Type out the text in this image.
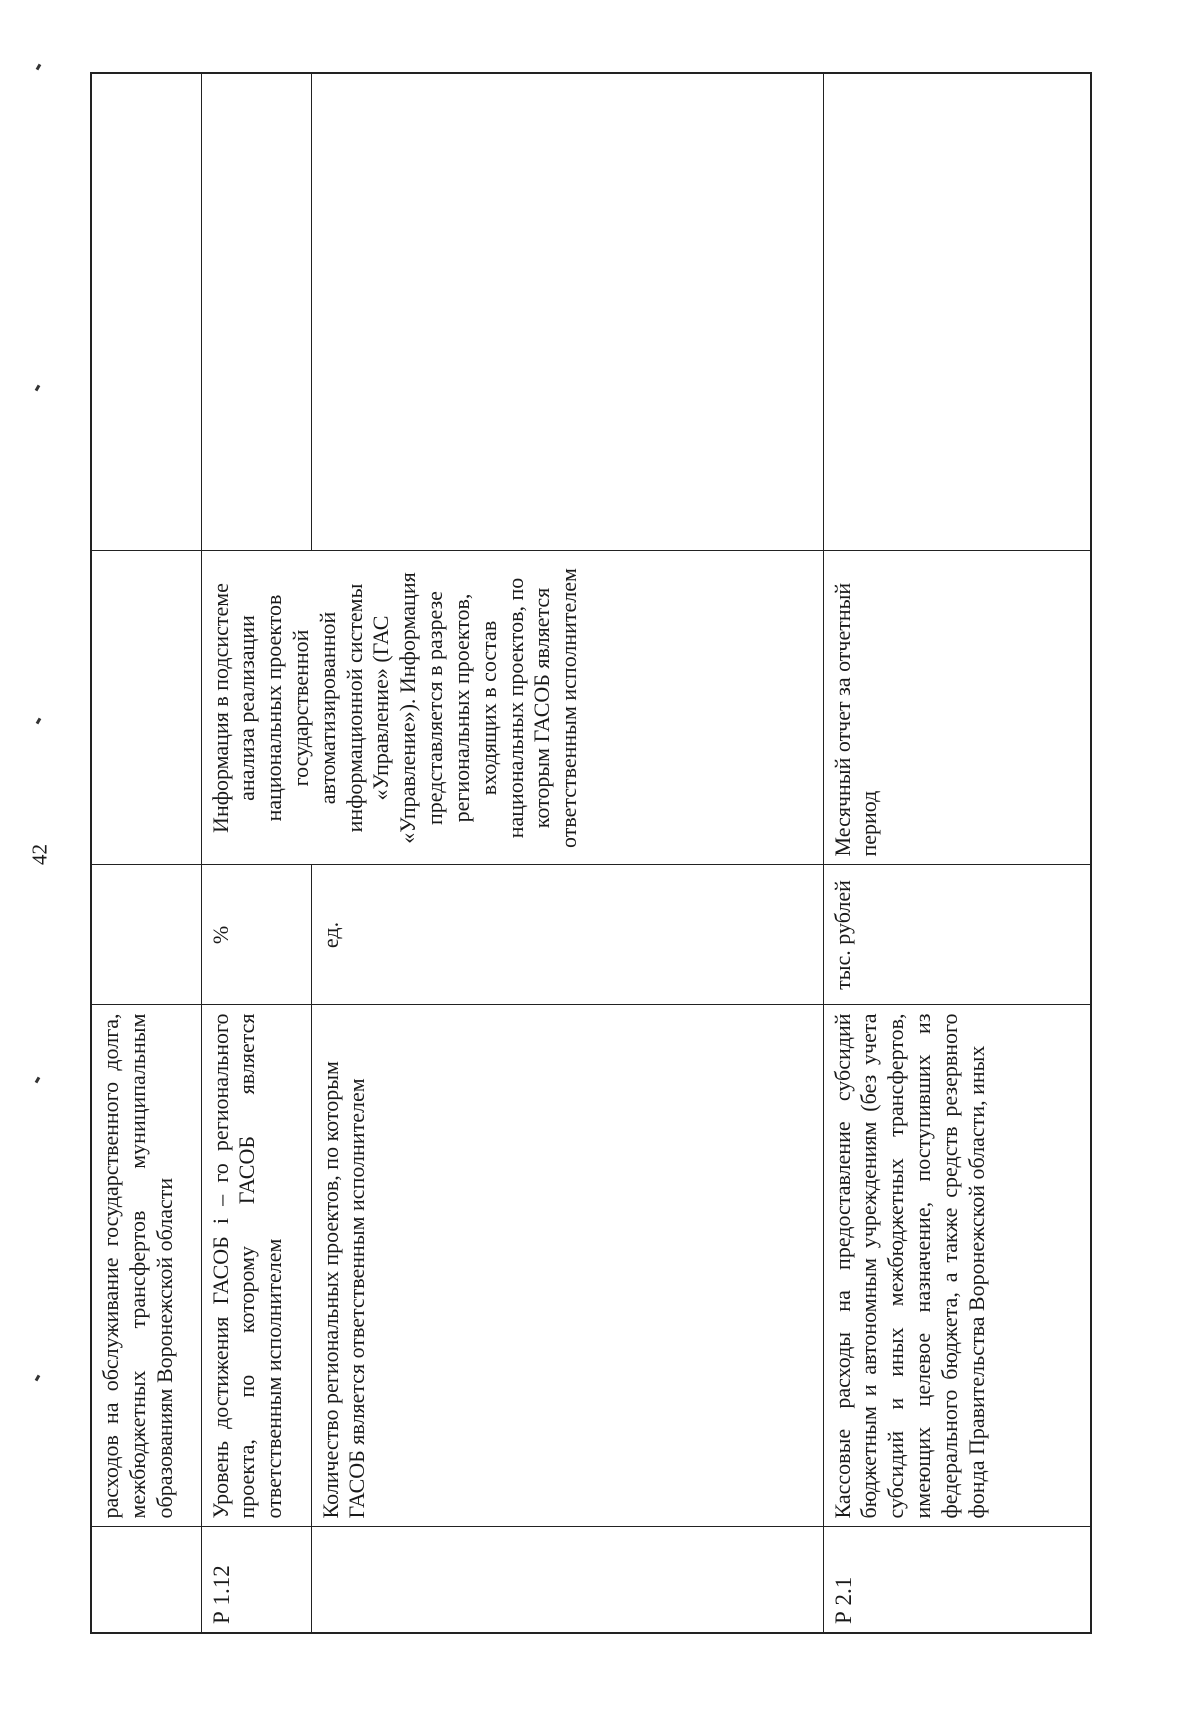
42
	расходов на обслуживание государственного долга, межбюджетных трансфертов муниципальным образованиям Воронежской области			
Р 1.12	Уровень достижения ГАСОБ i – го регионального проекта, по которому ГАСОБ является ответственным исполнителем	%	Информация в подсистеме анализа реализации национальных проектов государственной автоматизированной информационной системы «Управление» (ГАС «Управление»). Информация представляется в разрезе региональных проектов, входящих в состав национальных проектов, по которым ГАСОБ является ответственным исполнителем	
	Количество региональных проектов, по которым ГАСОБ является ответственным исполнителем	ед.		
Р 2.1	Кассовые расходы на предоставление субсидий бюджетным и автономным учреждениям (без учета субсидий и иных межбюджетных трансфертов, имеющих целевое назначение, поступивших из федерального бюджета, а также средств резервного фонда Правительства Воронежской области, иных	тыс. рублей	Месячный отчет за отчетный период	
